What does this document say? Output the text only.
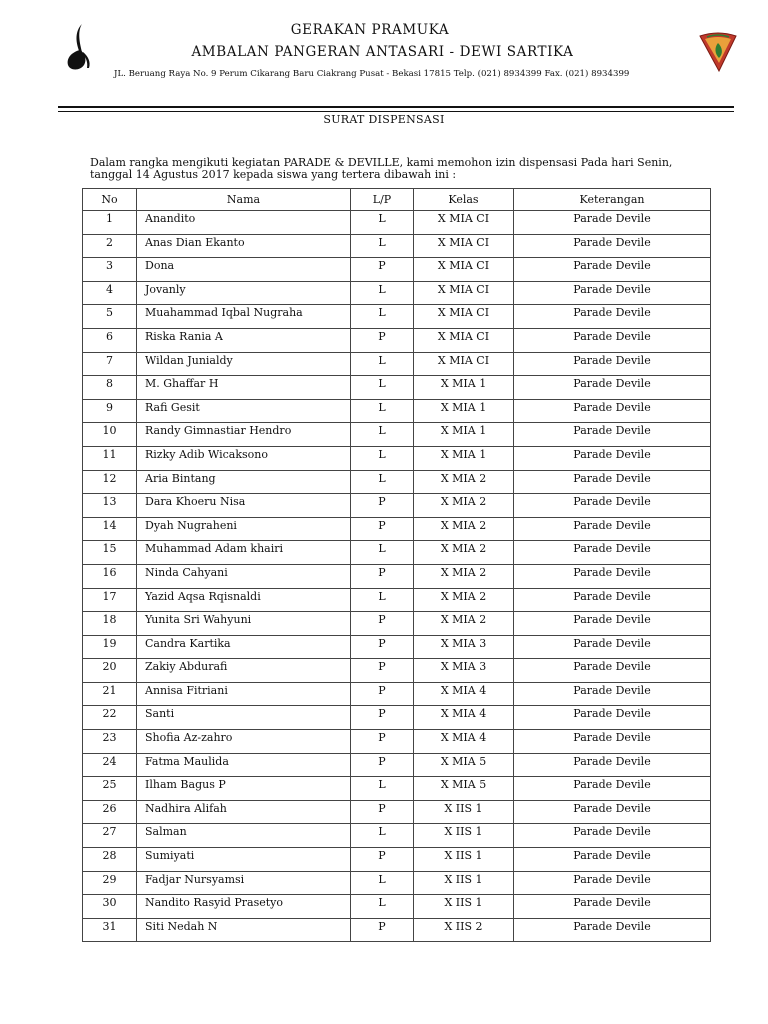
GERAKAN PRAMUKA
AMBALAN PANGERAN ANTASARI - DEWI SARTIKA
JL. Beruang Raya No. 9 Perum Cikarang Baru Ciakrang Pusat - Bekasi 17815 Telp. (021) 8934399 Fax. (021) 8934399
SURAT DISPENSASI
Dalam rangka mengikuti kegiatan PARADE & DEVILLE, kami memohon izin dispensasi Pada hari Senin, tanggal 14 Agustus 2017 kepada siswa yang tertera dibawah ini :
No	Nama	L/P	Kelas	Keterangan
1	Anandito	L	X MIA CI	Parade Devile
2	Anas Dian Ekanto	L	X MIA CI	Parade Devile
3	Dona	P	X MIA CI	Parade Devile
4	Jovanly	L	X MIA CI	Parade Devile
5	Muahammad Iqbal Nugraha	L	X MIA CI	Parade Devile
6	Riska Rania A	P	X MIA CI	Parade Devile
7	Wildan Junialdy	L	X MIA CI	Parade Devile
8	M. Ghaffar H	L	X MIA 1	Parade Devile
9	Rafi Gesit	L	X MIA 1	Parade Devile
10	Randy Gimnastiar Hendro	L	X MIA 1	Parade Devile
11	Rizky Adib Wicaksono	L	X MIA 1	Parade Devile
12	Aria Bintang	L	X MIA 2	Parade Devile
13	Dara Khoeru Nisa	P	X MIA 2	Parade Devile
14	Dyah Nugraheni	P	X MIA 2	Parade Devile
15	Muhammad Adam khairi	L	X MIA 2	Parade Devile
16	Ninda Cahyani	P	X MIA 2	Parade Devile
17	Yazid Aqsa Rqisnaldi	L	X MIA 2	Parade Devile
18	Yunita Sri Wahyuni	P	X MIA 2	Parade Devile
19	Candra Kartika	P	X MIA 3	Parade Devile
20	Zakiy Abdurafi	P	X MIA 3	Parade Devile
21	Annisa Fitriani	P	X MIA 4	Parade Devile
22	Santi	P	X MIA 4	Parade Devile
23	Shofia Az-zahro	P	X MIA 4	Parade Devile
24	Fatma Maulida	P	X MIA 5	Parade Devile
25	Ilham Bagus P	L	X MIA 5	Parade Devile
26	Nadhira Alifah	P	X IIS 1	Parade Devile
27	Salman	L	X IIS 1	Parade Devile
28	Sumiyati	P	X IIS 1	Parade Devile
29	Fadjar Nursyamsi	L	X IIS 1	Parade Devile
30	Nandito Rasyid Prasetyo	L	X IIS 1	Parade Devile
31	Siti Nedah N	P	X IIS 2	Parade Devile
